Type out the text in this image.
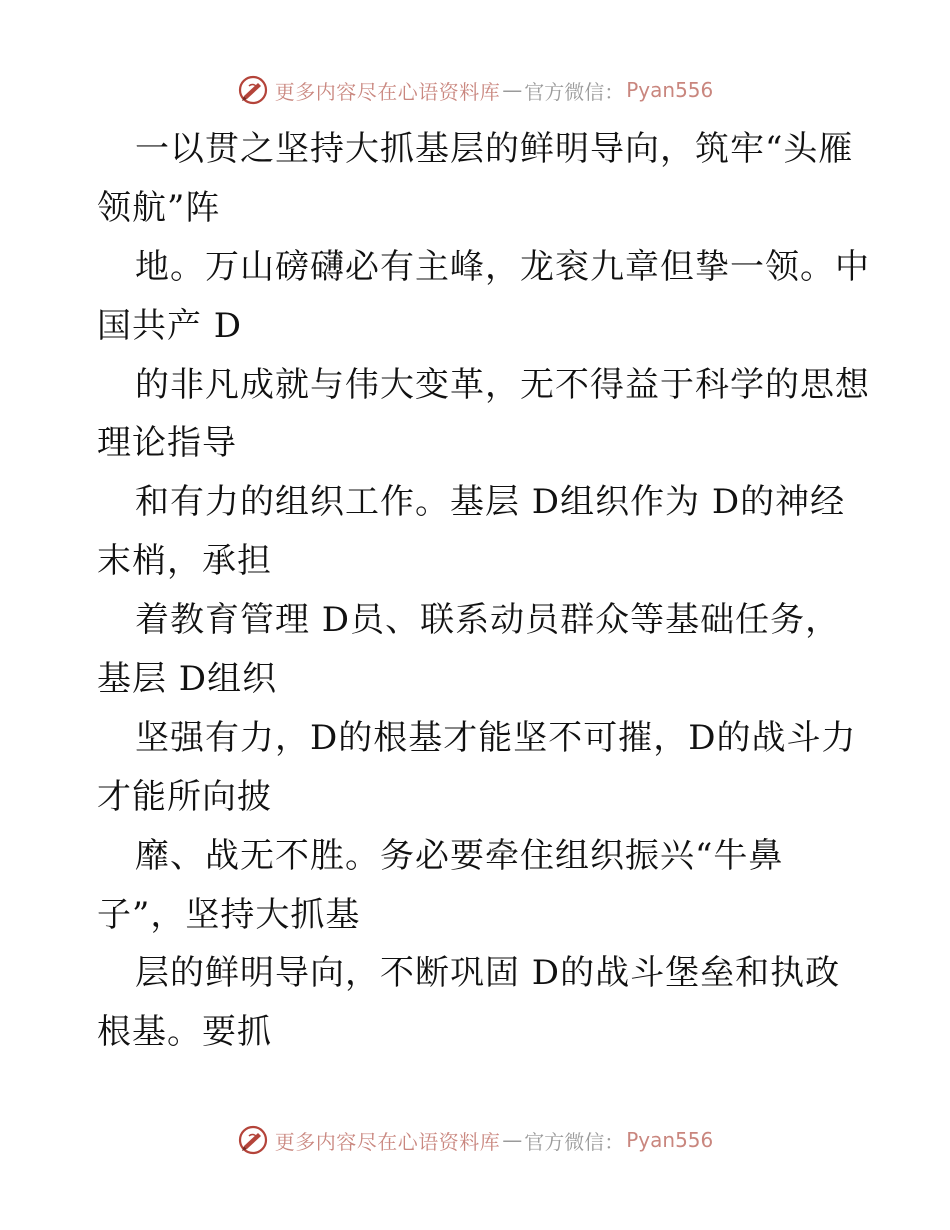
更多内容尽在心语资料库 — 官方微信： Pyan556
一以贯之坚持大抓基层的鲜明导向，筑牢“头雁
领航”阵
地。万山磅礴必有主峰，龙衮九章但挚一领。中
国共产 D
的非凡成就与伟大变革，无不得益于科学的思想
理论指导
和有力的组织工作。基层 D组织作为 D的神经
末梢，承担
着教育管理 D员、联系动员群众等基础任务，
基层 D组织
坚强有力，D的根基才能坚不可摧，D的战斗力
才能所向披
靡、战无不胜。务必要牵住组织振兴“牛鼻
子”，坚持大抓基
层的鲜明导向，不断巩固 D的战斗堡垒和执政
根基。要抓
更多内容尽在心语资料库 — 官方微信： Pyan556
